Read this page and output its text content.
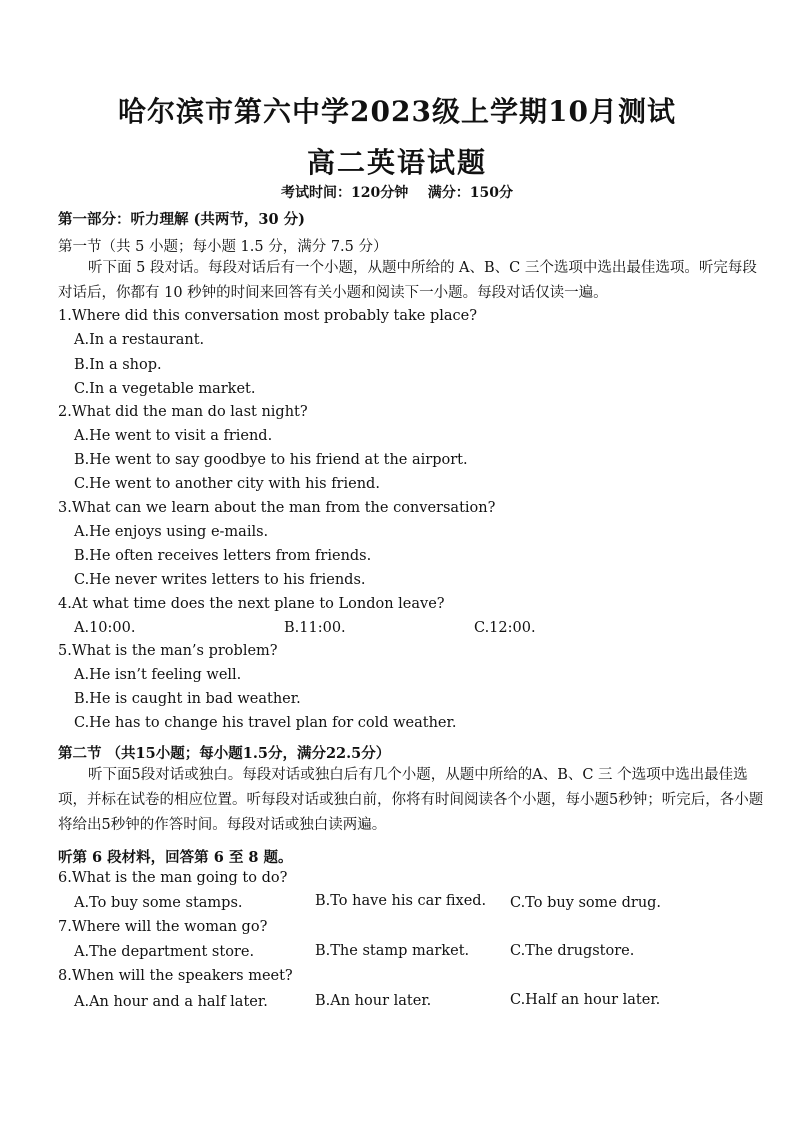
哈尔滨市第六中学2023级上学期10月测试
高二英语试题
考试时间：120分钟    满分：150分
第一部分：听力理解 (共两节，30 分)
第一节（共 5 小题；每小题 1.5 分，满分 7.5 分）
听下面 5 段对话。每段对话后有一个小题，从题中所给的 A、B、C 三个选项中选出最佳选项。听完每段对话后，你都有 10 秒钟的时间来回答有关小题和阅读下一小题。每段对话仅读一遍。
1.Where did this conversation most probably take place?
A.In a restaurant.
B.In a shop.
C.In a vegetable market.
2.What did the man do last night?
A.He went to visit a friend.
B.He went to say goodbye to his friend at the airport.
C.He went to another city with his friend.
3.What can we learn about the man from the conversation?
A.He enjoys using e-mails.
B.He often receives letters from friends.
C.He never writes letters to his friends.
4.At what time does the next plane to London leave?
A.10:00.	B.11:00.	C.12:00.
5.What is the man’s problem?
A.He isn’t feeling well.
B.He is caught in bad weather.
C.He has to change his travel plan for cold weather.
第二节 （共15小题；每小题1.5分，满分22.5分）
听下面5段对话或独白。每段对话或独白后有几个小题，从题中所给的A、B、C 三 个选项中选出最佳选项，并标在试卷的相应位置。听每段对话或独白前，你将有时间阅读各个小题，每小题5秒钟；听完后，各小题将给出5秒钟的作答时间。每段对话或独白读两遍。
听第 6 段材料，回答第 6 至 8 题。
6.What is the man going to do?
A.To buy some stamps.	B.To have his car fixed. C.To buy some drug.
7.Where will the woman go?
A.The department store.	B.The stamp market.	C.The drugstore.
8.When will the speakers meet?
A.An hour and a half later.	B.An hour later.	C.Half an hour later.
